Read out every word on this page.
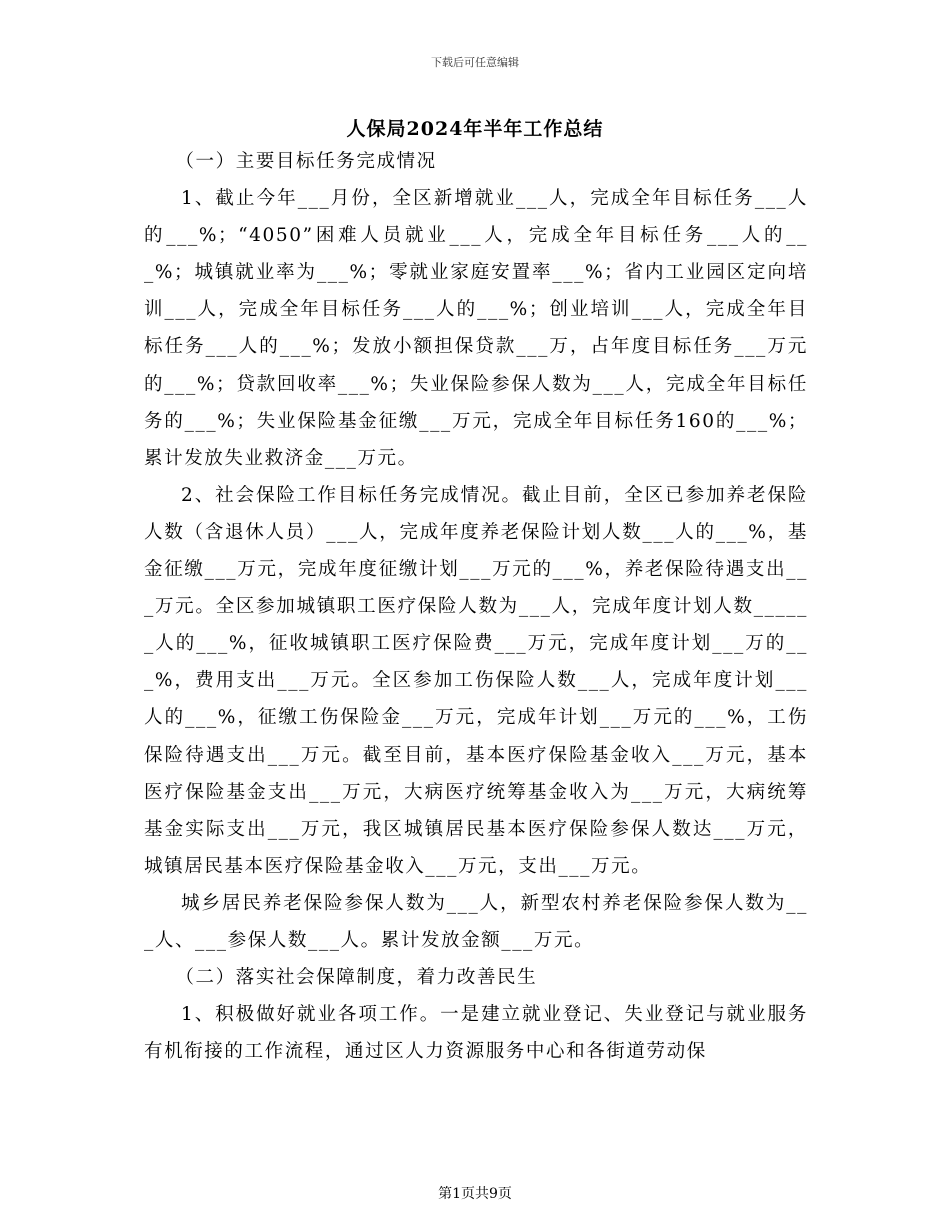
下载后可任意编辑
人保局2024年半年工作总结

（一）主要目标任务完成情况

1、截止今年___月份，全区新增就业___人，完成全年目标任务___人的___%；“4050”困难人员就业___人，完成全年目标任务___人的___%；城镇就业率为___%；零就业家庭安置率___%；省内工业园区定向培训___人，完成全年目标任务___人的___%；创业培训___人，完成全年目标任务___人的___%；发放小额担保贷款___万，占年度目标任务___万元的___%；贷款回收率___%；失业保险参保人数为___人，完成全年目标任务的___%；失业保险基金征缴___万元，完成全年目标任务160的___%；累计发放失业救济金___万元。

2、社会保险工作目标任务完成情况。截止目前，全区已参加养老保险人数（含退休人员）___人，完成年度养老保险计划人数___人的___%，基金征缴___万元，完成年度征缴计划___万元的___%，养老保险待遇支出___万元。全区参加城镇职工医疗保险人数为___人，完成年度计划人数______人的___%，征收城镇职工医疗保险费___万元，完成年度计划___万的___%，费用支出___万元。全区参加工伤保险人数___人，完成年度计划___人的___%，征缴工伤保险金___万元，完成年计划___万元的___%，工伤保险待遇支出___万元。截至目前，基本医疗保险基金收入___万元，基本医疗保险基金支出___万元，大病医疗统筹基金收入为___万元，大病统筹基金实际支出___万元，我区城镇居民基本医疗保险参保人数达___万元，城镇居民基本医疗保险基金收入___万元，支出___万元。

城乡居民养老保险参保人数为___人，新型农村养老保险参保人数为___人、___参保人数___人。累计发放金额___万元。

（二）落实社会保障制度，着力改善民生

1、积极做好就业各项工作。一是建立就业登记、失业登记与就业服务有机衔接的工作流程，通过区人力资源服务中心和各街道劳动保

第1页共9页
